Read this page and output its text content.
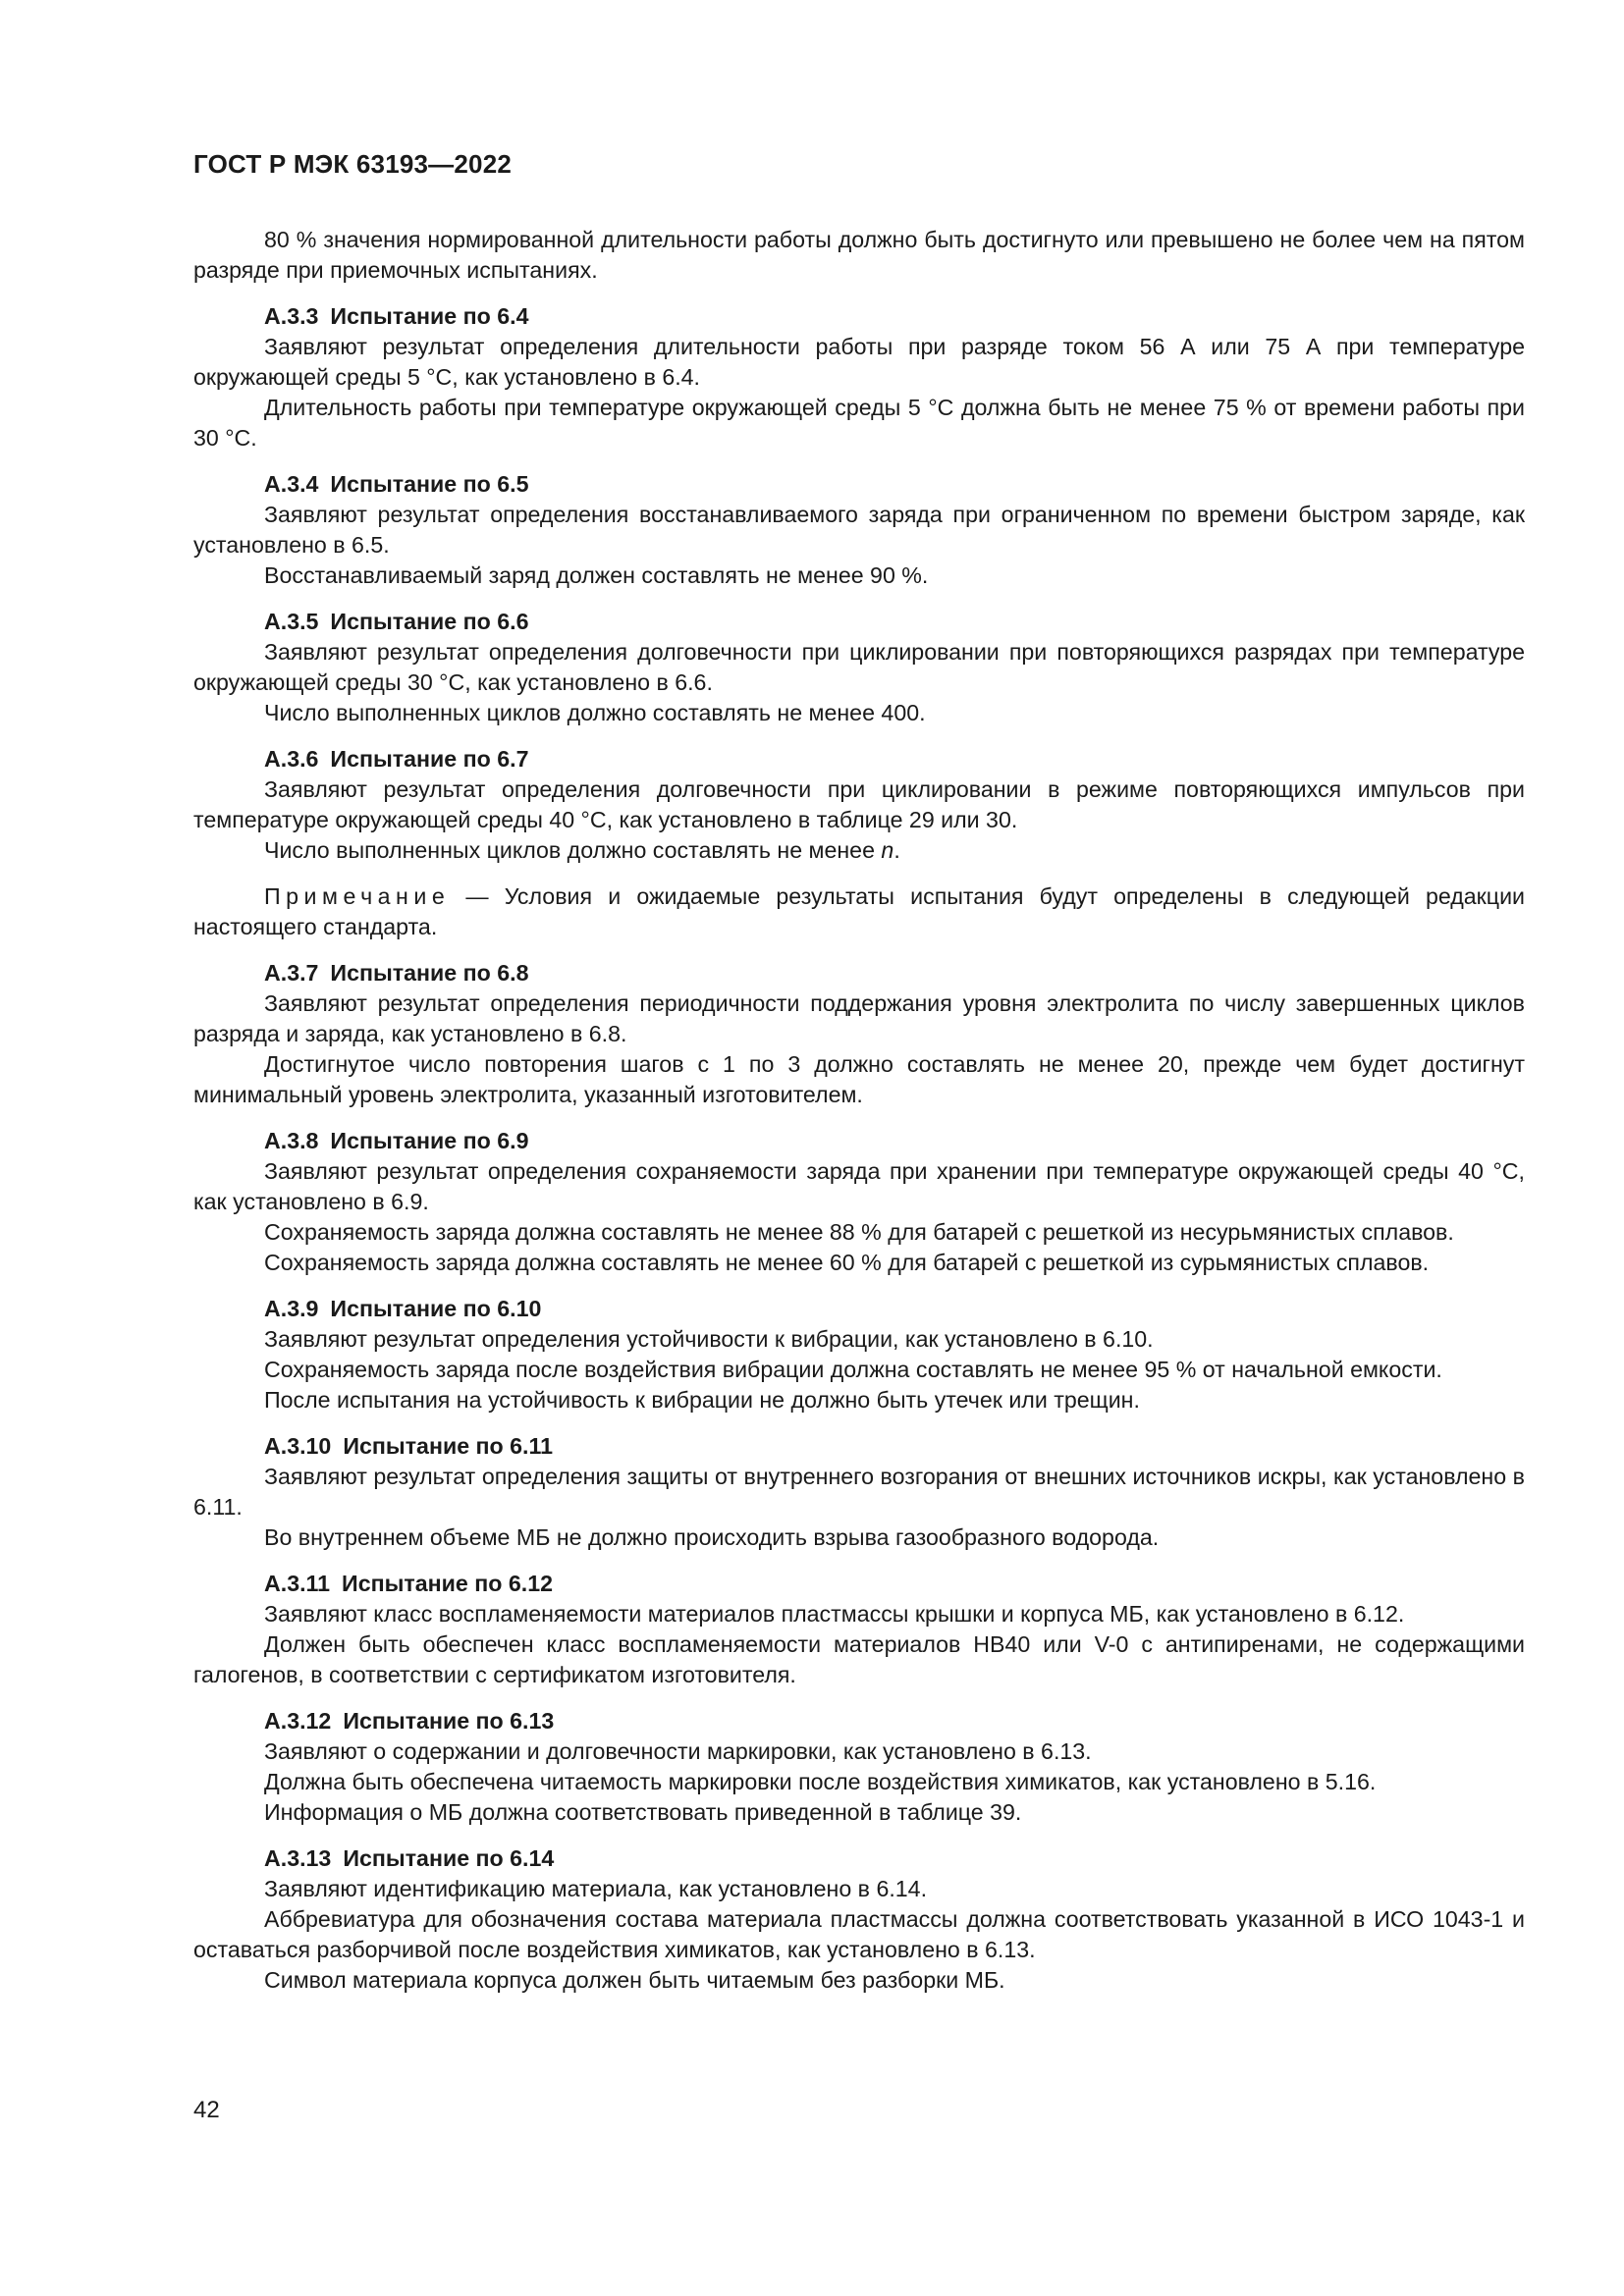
ГОСТ Р МЭК 63193—2022

80 % значения нормированной длительности работы должно быть достигнуто или превышено не более чем на пятом разряде при приемочных испытаниях.

А.3.3 Испытание по 6.4

Заявляют результат определения длительности работы при разряде током 56 А или 75 А при температуре окружающей среды 5 °С, как установлено в 6.4.

Длительность работы при температуре окружающей среды 5 °С должна быть не менее 75 % от времени работы при 30 °С.

А.3.4 Испытание по 6.5

Заявляют результат определения восстанавливаемого заряда при ограниченном по времени быстром заряде, как установлено в 6.5.

Восстанавливаемый заряд должен составлять не менее 90 %.

А.3.5 Испытание по 6.6

Заявляют результат определения долговечности при циклировании при повторяющихся разрядах при температуре окружающей среды 30 °С, как установлено в 6.6.

Число выполненных циклов должно составлять не менее 400.

А.3.6 Испытание по 6.7

Заявляют результат определения долговечности при циклировании в режиме повторяющихся импульсов при температуре окружающей среды 40 °С, как установлено в таблице 29 или 30.

Число выполненных циклов должно составлять не менее n.

Примечание — Условия и ожидаемые результаты испытания будут определены в следующей редакции настоящего стандарта.

А.3.7 Испытание по 6.8

Заявляют результат определения периодичности поддержания уровня электролита по числу завершенных циклов разряда и заряда, как установлено в 6.8.

Достигнутое число повторения шагов с 1 по 3 должно составлять не менее 20, прежде чем будет достигнут минимальный уровень электролита, указанный изготовителем.

А.3.8 Испытание по 6.9

Заявляют результат определения сохраняемости заряда при хранении при температуре окружающей среды 40 °С, как установлено в 6.9.

Сохраняемость заряда должна составлять не менее 88 % для батарей с решеткой из несурьмянистых сплавов.

Сохраняемость заряда должна составлять не менее 60 % для батарей с решеткой из сурьмянистых сплавов.

А.3.9 Испытание по 6.10

Заявляют результат определения устойчивости к вибрации, как установлено в 6.10.

Сохраняемость заряда после воздействия вибрации должна составлять не менее 95 % от начальной емкости.

После испытания на устойчивость к вибрации не должно быть утечек или трещин.

А.3.10 Испытание по 6.11

Заявляют результат определения защиты от внутреннего возгорания от внешних источников искры, как установлено в 6.11.

Во внутреннем объеме МБ не должно происходить взрыва газообразного водорода.

А.3.11 Испытание по 6.12

Заявляют класс воспламеняемости материалов пластмассы крышки и корпуса МБ, как установлено в 6.12.

Должен быть обеспечен класс воспламеняемости материалов НВ40 или V-0 с антипиренами, не содержащими галогенов, в соответствии с сертификатом изготовителя.

А.3.12 Испытание по 6.13

Заявляют о содержании и долговечности маркировки, как установлено в 6.13.

Должна быть обеспечена читаемость маркировки после воздействия химикатов, как установлено в 5.16.

Информация о МБ должна соответствовать приведенной в таблице 39.

А.3.13 Испытание по 6.14

Заявляют идентификацию материала, как установлено в 6.14.

Аббревиатура для обозначения состава материала пластмассы должна соответствовать указанной в ИСО 1043-1 и оставаться разборчивой после воздействия химикатов, как установлено в 6.13.

Символ материала корпуса должен быть читаемым без разборки МБ.

42
